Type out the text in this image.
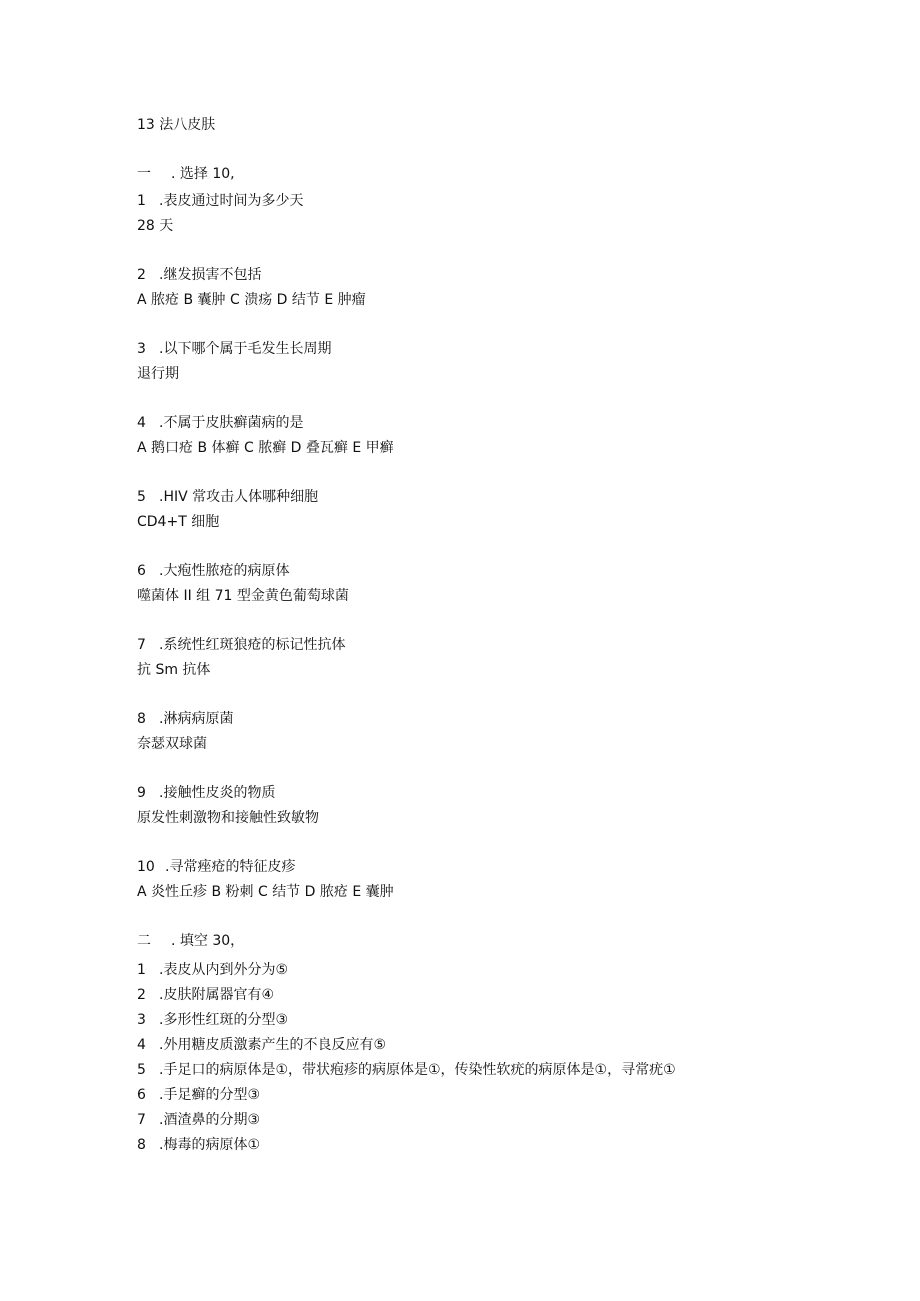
13 法八皮肤
一 . 选择 10,
1 .表皮通过时间为多少天
28 天
2 .继发损害不包括
A 脓疮 B 囊肿 C 溃疡 D 结节 E 肿瘤
3 .以下哪个属于毛发生长周期
退行期
4 .不属于皮肤癣菌病的是
A 鹅口疮 B 体癣 C 脓癣 D 叠瓦癣 E 甲癣
5 .HIV 常攻击人体哪种细胞
CD4+T 细胞
6 .大疱性脓疮的病原体
噬菌体 II 组 71 型金黄色葡萄球菌
7 .系统性红斑狼疮的标记性抗体
抗 Sm 抗体
8 .淋病病原菌
奈瑟双球菌
9 .接触性皮炎的物质
原发性刺激物和接触性致敏物
10 .寻常痤疮的特征皮疹
A 炎性丘疹 B 粉刺 C 结节 D 脓疮 E 囊肿
二 . 填空 30，
1 .表皮从内到外分为⑤
2 .皮肤附属器官有④
3 .多形性红斑的分型③
4 .外用糖皮质激素产生的不良反应有⑤
5 .手足口的病原体是①，带状疱疹的病原体是①，传染性软疣的病原体是①，寻常疣①
6 .手足癣的分型③
7 .酒渣鼻的分期③
8 .梅毒的病原体①
